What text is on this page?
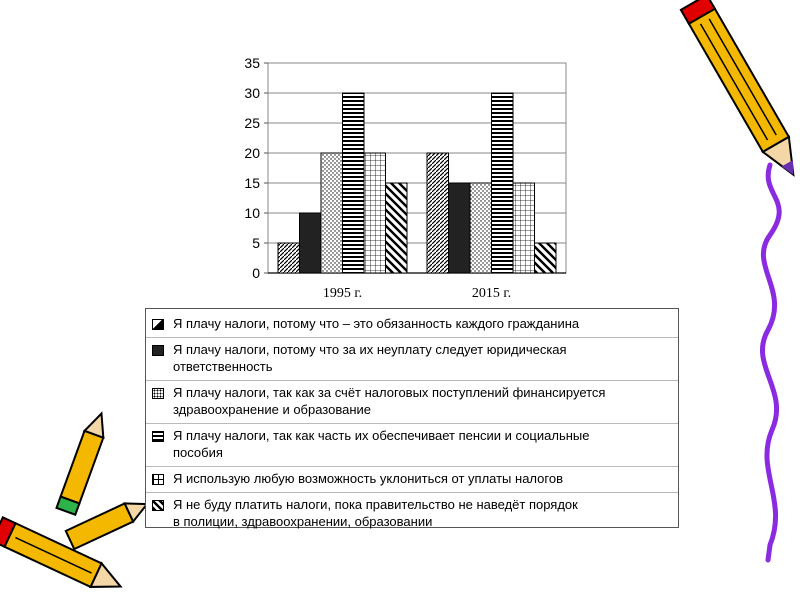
0
5
10
15
20
25
30
35
1995 г.	2015 г.
Я плачу налоги, потому что – это обязанность каждого гражданина
Я плачу налоги, потому что за их неуплату следует юридическая
ответственность
Я плачу налоги, так как за счёт налоговых поступлений финансируется
здравоохранение и образование
Я плачу налоги, так как часть их обеспечивает пенсии и социальные
пособия
Я использую любую возможность уклониться от уплаты налогов
Я не буду платить налоги, пока правительство не наведёт порядок
в полиции, здравоохранении, образовании
